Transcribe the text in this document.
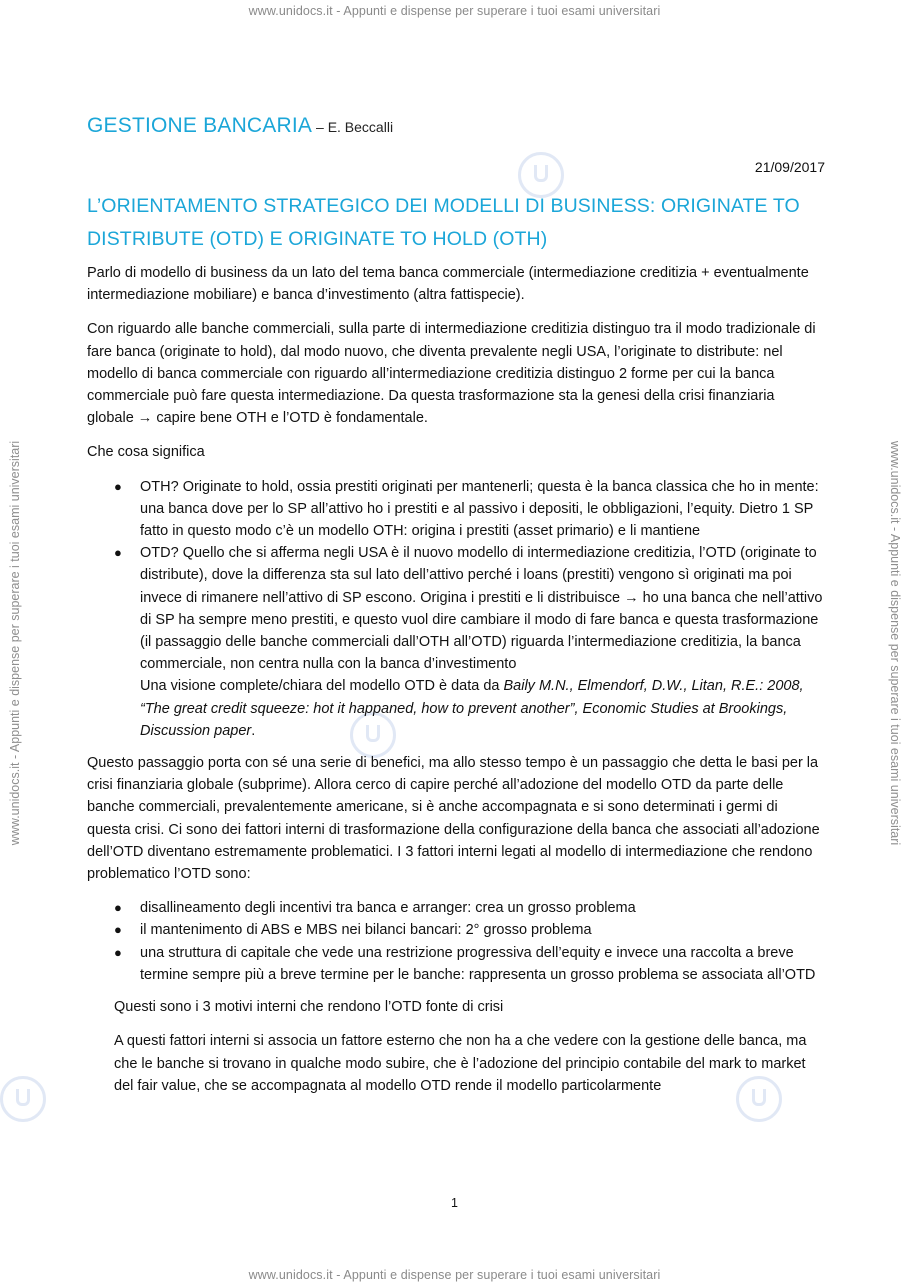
www.unidocs.it - Appunti e dispense per superare i tuoi esami universitari
www.unidocs.it - Appunti e dispense per superare i tuoi esami universitari
www.unidocs.it - Appunti e dispense per superare i tuoi esami universitari	www.unidocs.it - Appunti e dispense per superare i tuoi esami universitari
GESTIONE BANCARIA – E. Beccalli
21/09/2017
L’ORIENTAMENTO STRATEGICO DEI MODELLI DI BUSINESS: ORIGINATE TO DISTRIBUTE (OTD) E ORIGINATE TO HOLD (OTH)

Parlo di modello di business da un lato del tema banca commerciale (intermediazione creditizia + eventualmente intermediazione mobiliare) e banca d’investimento (altra fattispecie).

Con riguardo alle banche commerciali, sulla parte di intermediazione creditizia distinguo tra il modo tradizionale di fare banca (originate to hold), dal modo nuovo, che diventa prevalente negli USA, l’originate to distribute: nel modello di banca commerciale con riguardo all’intermediazione creditizia distinguo 2 forme per cui la banca commerciale può fare questa intermediazione. Da questa trasformazione sta la genesi della crisi finanziaria globale → capire bene OTH e l’OTD è fondamentale.

Che cosa significa

● OTH? Originate to hold, ossia prestiti originati per mantenerli; questa è la banca classica che ho in mente: una banca dove per lo SP all’attivo ho i prestiti e al passivo i depositi, le obbligazioni, l’equity. Dietro 1 SP fatto in questo modo c’è un modello OTH: origina i prestiti (asset primario) e li mantiene
● OTD? Quello che si afferma negli USA è il nuovo modello di intermediazione creditizia, l’OTD (originate to distribute), dove la differenza sta sul lato dell’attivo perché i loans (prestiti) vengono sì originati ma poi invece di rimanere nell’attivo di SP escono. Origina i prestiti e li distribuisce → ho una banca che nell’attivo di SP ha sempre meno prestiti, e questo vuol dire cambiare il modo di fare banca e questa trasformazione (il passaggio delle banche commerciali dall’OTH all’OTD) riguarda l’intermediazione creditizia, la banca commerciale, non centra nulla con la banca d’investimento
Una visione complete/chiara del modello OTD è data da Baily M.N., Elmendorf, D.W., Litan, R.E.: 2008, “The great credit squeeze: hot it happaned, how to prevent another”, Economic Studies at Brookings, Discussion paper.

Questo passaggio porta con sé una serie di benefici, ma allo stesso tempo è un passaggio che detta le basi per la crisi finanziaria globale (subprime). Allora cerco di capire perché all’adozione del modello OTD da parte delle banche commerciali, prevalentemente americane, si è anche accompagnata e si sono determinati i germi di questa crisi. Ci sono dei fattori interni di trasformazione della configurazione della banca che associati all’adozione dell’OTD diventano estremamente problematici. I 3 fattori interni legati al modello di intermediazione che rendono problematico l’OTD sono:

● disallineamento degli incentivi tra banca e arranger: crea un grosso problema
● il mantenimento di ABS e MBS nei bilanci bancari: 2° grosso problema
● una struttura di capitale che vede una restrizione progressiva dell’equity e invece una raccolta a breve termine sempre più a breve termine per le banche: rappresenta un grosso problema se associata all’OTD

Questi sono i 3 motivi interni che rendono l’OTD fonte di crisi

A questi fattori interni si associa un fattore esterno che non ha a che vedere con la gestione delle banca, ma che le banche si trovano in qualche modo subire, che è l’adozione del principio contabile del mark to market del fair value, che se accompagnata al modello OTD rende il modello particolarmente

1
